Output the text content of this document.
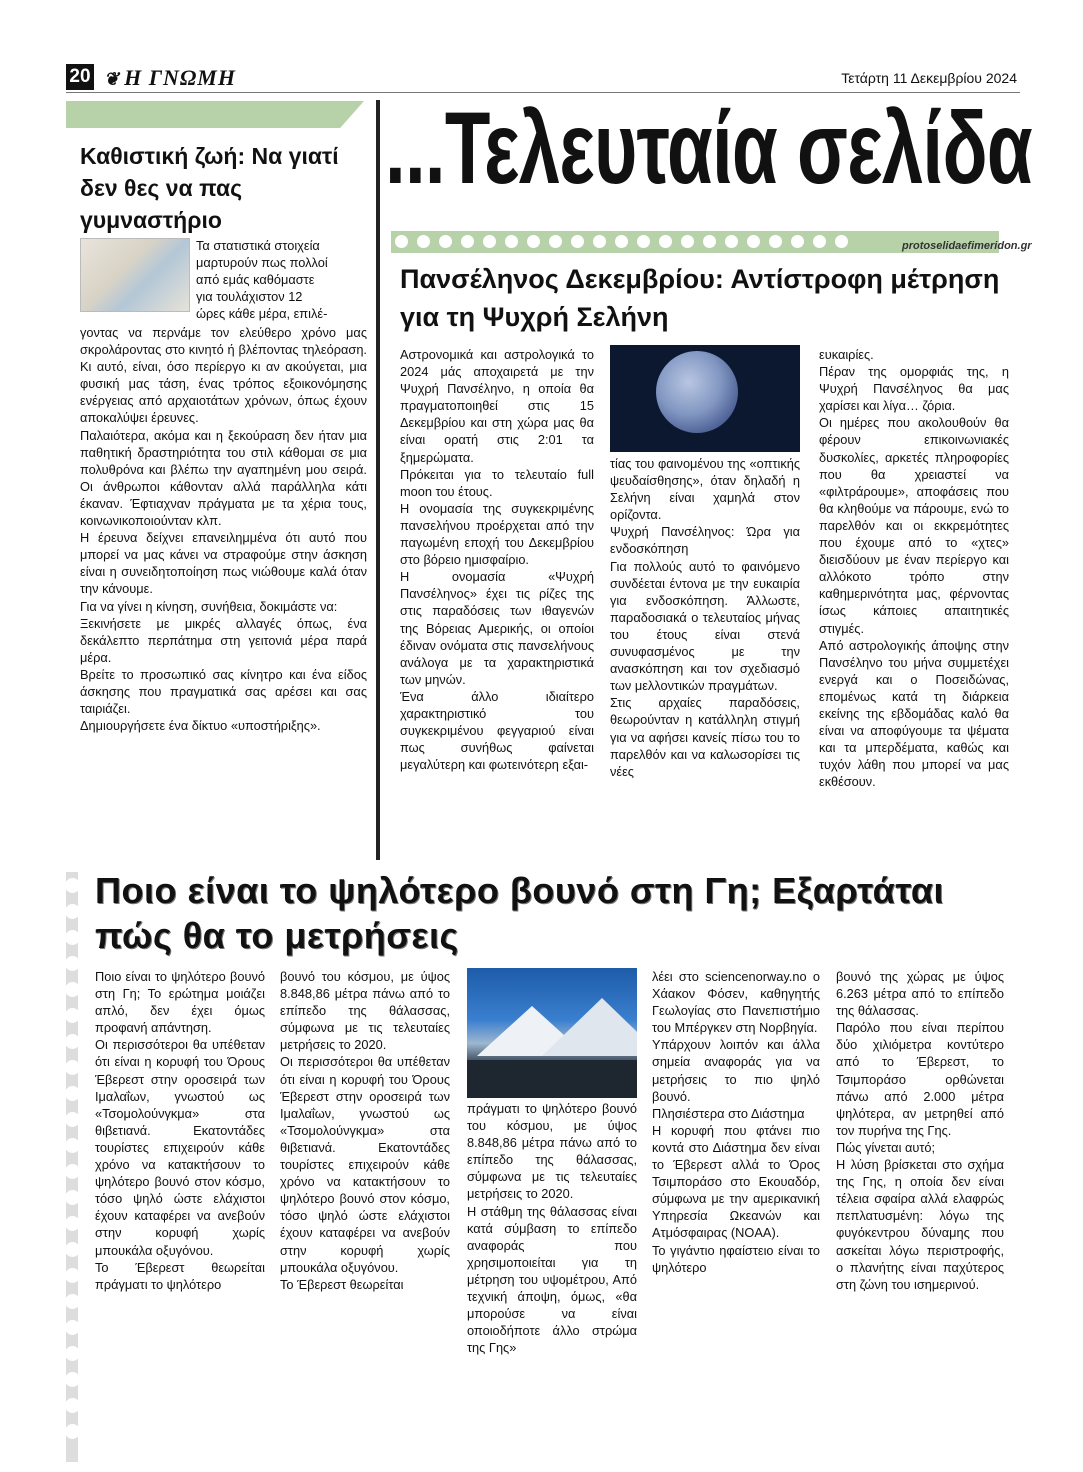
20 ❦ Η ΓΝΩΜΗ	Τετάρτη 11 Δεκεμβρίου 2024
Καθιστική ζωή: Να γιατί δεν θες να πας γυμναστήριο

Τα στατιστικά στοιχεία

μαρτυρούν πως πολλοί

από εμάς καθόμαστε

για τουλάχιστον 12

ώρες κάθε μέρα, επιλέ-

γοντας να περνάμε τον ελεύθερο χρόνο μας σκρολάροντας στο κινητό ή βλέποντας τηλεόραση. Κι αυτό, είναι, όσο περίεργο κι αν ακούγεται, μια φυσική μας τάση, ένας τρόπος εξοικονόμησης ενέργειας από αρχαιοτάτων χρόνων, όπως έχουν αποκαλύψει έρευνες.

Παλαιότερα, ακόμα και η ξεκούραση δεν ήταν μια παθητική δραστηριότητα του στιλ κάθομαι σε μια πολυθρόνα και βλέπω την αγαπημένη μου σειρά. Οι άνθρωποι κάθονταν αλλά παράλληλα κάτι έκαναν. Έφτιαχναν πράγματα με τα χέρια τους, κοινωνικοποιούνταν κλπ.

Η έρευνα δείχνει επανειλημμένα ότι αυτό που μπορεί να μας κάνει να στραφούμε στην άσκηση είναι η συνειδητοποίηση πως νιώθουμε καλά όταν την κάνουμε.

Για να γίνει η κίνηση, συνήθεια, δοκιμάστε να:

Ξεκινήσετε με μικρές αλλαγές όπως, ένα δεκάλεπτο περπάτημα στη γειτονιά μέρα παρά μέρα.

Βρείτε το προσωπικό σας κίνητρο και ένα είδος άσκησης που πραγματικά σας αρέσει και σας ταιριάζει.

Δημιουργήσετε ένα δίκτυο «υποστήριξης».

...Τελευταία σελίδα
protoselidaefimeridon.gr
Πανσέληνος Δεκεμβρίου: Αντίστροφη μέτρηση για τη Ψυχρή Σελήνη

Αστρονομικά και αστρολογικά το 2024 μάς αποχαιρετά με την Ψυχρή Πανσέληνο, η οποία θα πραγματοποιηθεί στις 15 Δεκεμβρίου και στη χώρα μας θα είναι ορατή στις 2:01 τα ξημερώματα.

Πρόκειται για το τελευταίο full moon του έτους.

Η ονομασία της συγκεκριμένης πανσελήνου προέρχεται από την παγωμένη εποχή του Δεκεμβρίου στο βόρειο ημισφαίριο.

Η ονομασία «Ψυχρή Πανσέληνος» έχει τις ρίζες της στις παραδόσεις των ιθαγενών της Βόρειας Αμερικής, οι οποίοι έδιναν ονόματα στις πανσελήνους ανάλογα με τα χαρακτηριστικά των μηνών.

Ένα άλλο ιδιαίτερο χαρακτηριστικό του συγκεκριμένου φεγγαριού είναι πως συνήθως φαίνεται μεγαλύτερη και φωτεινότερη εξαι-

τίας του φαινομένου της «οπτικής ψευδαίσθησης», όταν δηλαδή η Σελήνη είναι χαμηλά στον ορίζοντα.

Ψυχρή Πανσέληνος: Ώρα για ενδοσκόπηση

Για πολλούς αυτό το φαινόμενο συνδέεται έντονα με την ευκαιρία για ενδοσκόπηση. Άλλωστε, παραδοσιακά ο τελευταίος μήνας του έτους είναι στενά συνυφασμένος με την ανασκόπηση και τον σχεδιασμό των μελλοντικών πραγμάτων.

Στις αρχαίες παραδόσεις, θεωρούνταν η κατάλληλη στιγμή για να αφήσει κανείς πίσω του το παρελθόν και να καλωσορίσει τις νέες

ευκαιρίες.

Πέραν της ομορφιάς της, η Ψυχρή Πανσέληνος θα μας χαρίσει και λίγα… ζόρια.

Οι ημέρες που ακολουθούν θα φέρουν επικοινωνιακές δυσκολίες, αρκετές πληροφορίες που θα χρειαστεί να «φιλτράρουμε», αποφάσεις που θα κληθούμε να πάρουμε, ενώ το παρελθόν και οι εκκρεμότητες που έχουμε από το «χτες» διεισδύουν με έναν περίεργο και αλλόκοτο τρόπο στην καθημερινότητα μας, φέρνοντας ίσως κάποιες απαιτητικές στιγμές.

Από αστρολογικής άποψης στην Πανσέληνο του μήνα συμμετέχει ενεργά και ο Ποσειδώνας, επομένως κατά τη διάρκεια εκείνης της εβδομάδας καλό θα είναι να αποφύγουμε τα ψέματα και τα μπερδέματα, καθώς και τυχόν λάθη που μπορεί να μας εκθέσουν.

Ποιο είναι το ψηλότερο βουνό στη Γη; Εξαρτάται πώς θα το μετρήσεις

Ποιο είναι το ψηλότερο βουνό στη Γη; Το ερώτημα μοιάζει απλό, δεν έχει όμως προφανή απάντηση.

Οι περισσότεροι θα υπέθεταν ότι είναι η κορυφή του Όρους Έβερεστ στην οροσειρά των Ιμαλαΐων, γνωστού ως «Τσομολούνγκμα» στα θιβετιανά. Εκατοντάδες τουρίστες επιχειρούν κάθε χρόνο να κατακτήσουν το ψηλότερο βουνό στον κόσμο, τόσο ψηλό ώστε ελάχιστοι έχουν καταφέρει να ανεβούν στην κορυφή χωρίς μπουκάλα οξυγόνου.

Το Έβερεστ θεωρείται πράγματι το ψηλότερο

βουνό του κόσμου, με ύψος 8.848,86 μέτρα πάνω από το επίπεδο της θάλασσας, σύμφωνα με τις τελευταίες μετρήσεις το 2020.

Οι περισσότεροι θα υπέθεταν ότι είναι η κορυφή του Όρους Έβερεστ στην οροσειρά των Ιμαλαΐων, γνωστού ως «Τσομολούνγκμα» στα θιβετιανά. Εκατοντάδες τουρίστες επιχειρούν κάθε χρόνο να κατακτήσουν το ψηλότερο βουνό στον κόσμο, τόσο ψηλό ώστε ελάχιστοι έχουν καταφέρει να ανεβούν στην κορυφή χωρίς μπουκάλα οξυγόνου.

Το Έβερεστ θεωρείται

πράγματι το ψηλότερο βουνό του κόσμου, με ύψος 8.848,86 μέτρα πάνω από το επίπεδο της θάλασσας, σύμφωνα με τις τελευταίες μετρήσεις το 2020.

Η στάθμη της θάλασσας είναι κατά σύμβαση το επίπεδο αναφοράς που χρησιμοποιείται για τη μέτρηση του υψομέτρου, Από τεχνική άποψη, όμως, «θα μπορούσε να είναι οποιοδήποτε άλλο στρώμα της Γης»

λέει στο sciencenorway.no ο Χάακον Φόσεν, καθηγητής Γεωλογίας στο Πανεπιστήμιο του Μπέργκεν στη Νορβηγία.

Υπάρχουν λοιπόν και άλλα σημεία αναφοράς για να μετρήσεις το πιο ψηλό βουνό.

Πλησιέστερα στο Διάστημα

Η κορυφή που φτάνει πιο κοντά στο Διάστημα δεν είναι το Έβερεστ αλλά το Όρος Τσιμποράσο στο Εκουαδόρ, σύμφωνα με την αμερικανική Υπηρεσία Ωκεανών και Ατμόσφαιρας (NOAA).

Το γιγάντιο ηφαίστειο είναι το ψηλότερο

βουνό της χώρας με ύψος 6.263 μέτρα από το επίπεδο της θάλασσας.

Παρόλο που είναι περίπου δύο χιλιόμετρα κοντύτερο από το Έβερεστ, το Τσιμποράσο ορθώνεται πάνω από 2.000 μέτρα ψηλότερα, αν μετρηθεί από τον πυρήνα της Γης.

Πώς γίνεται αυτό;

Η λύση βρίσκεται στο σχήμα της Γης, η οποία δεν είναι τέλεια σφαίρα αλλά ελαφρώς πεπλατυσμένη: λόγω της φυγόκεντρου δύναμης που ασκείται λόγω περιστροφής, ο πλανήτης είναι παχύτερος στη ζώνη του ισημερινού.
